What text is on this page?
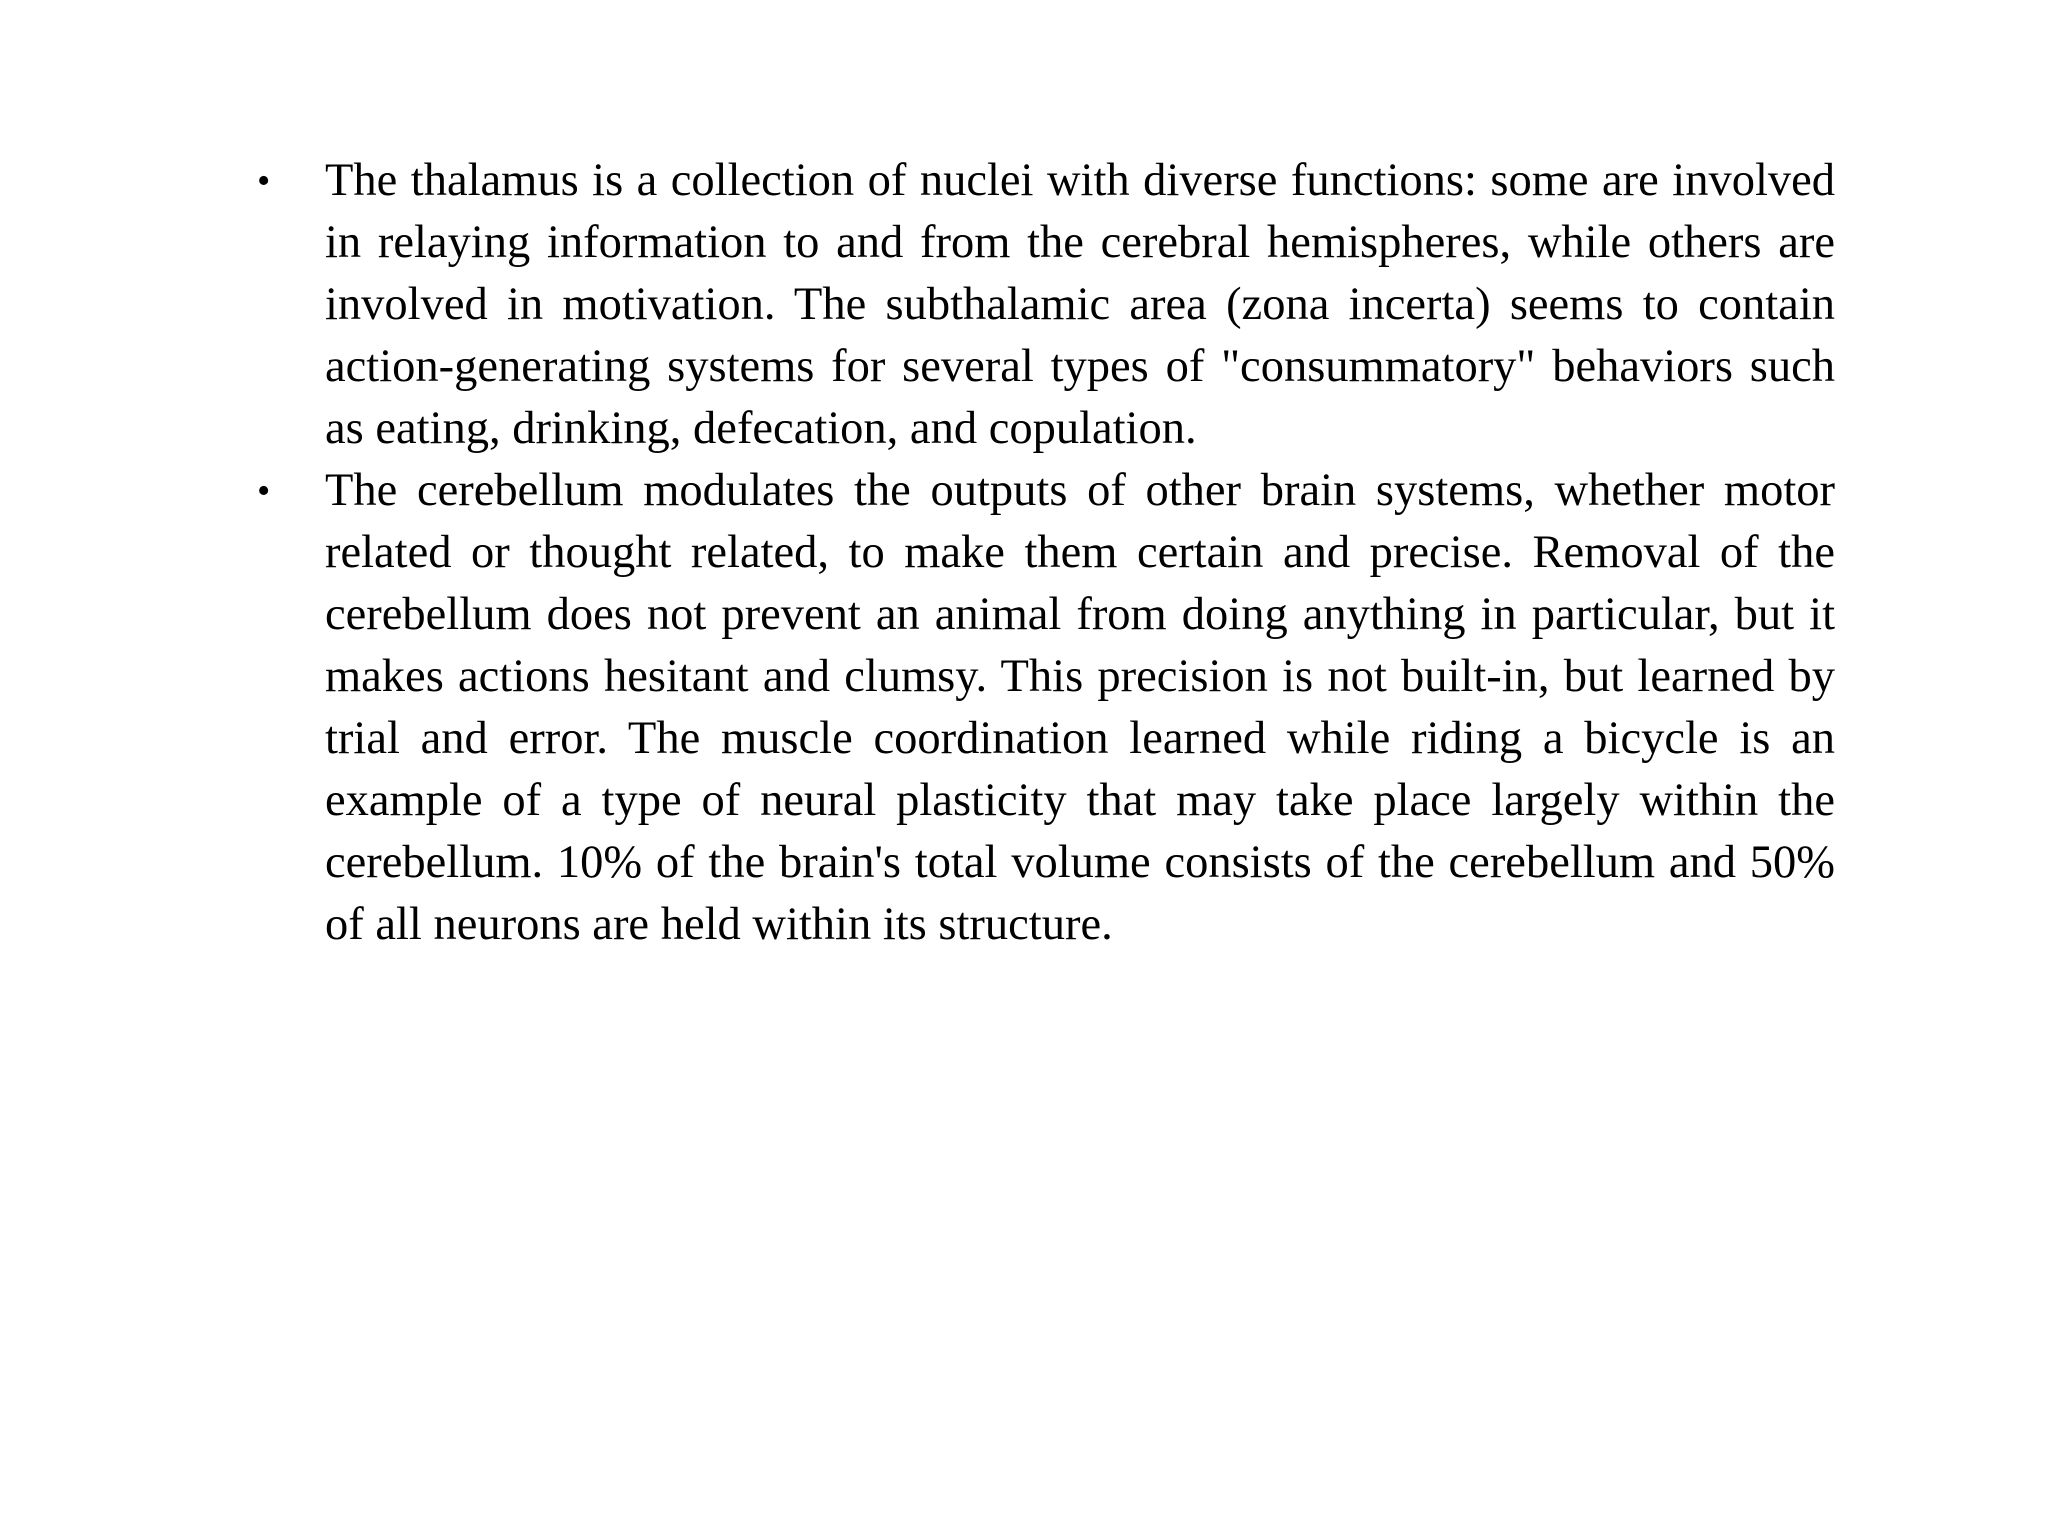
• The thalamus is a collection of nuclei with diverse functions: some are involved in relaying information to and from the cerebral hemispheres, while others are involved in motivation. The subthalamic area (zona incerta) seems to contain action-generating systems for several types of "consummatory" behaviors such as eating, drinking, defecation, and copulation.
• The cerebellum modulates the outputs of other brain systems, whether motor related or thought related, to make them certain and precise. Removal of the cerebellum does not prevent an animal from doing anything in particular, but it makes actions hesitant and clumsy. This precision is not built-in, but learned by trial and error. The muscle coordination learned while riding a bicycle is an example of a type of neural plasticity that may take place largely within the cerebellum. 10% of the brain's total volume consists of the cerebellum and 50% of all neurons are held within its structure.
